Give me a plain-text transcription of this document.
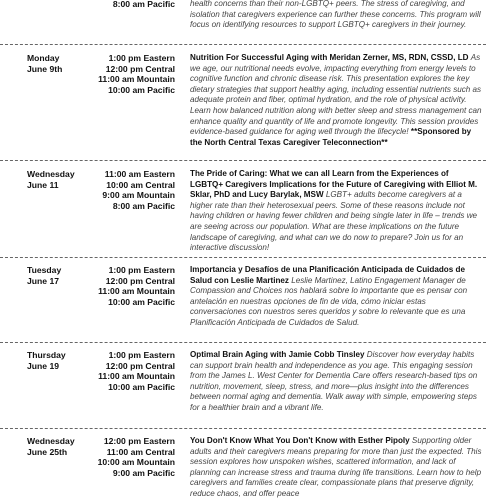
8:00 am Pacific health concerns than their non-LGBTQ+ peers. The stress of caregiving, and isolation that caregivers experience can further these concerns. This program will focus on identifying resources to support LGBTQ+ caregivers in their journey.
Monday
June 9th
1:00 pm Eastern
12:00 pm Central
11:00 am Mountain
10:00 am Pacific
Nutrition For Successful Aging with Meridan Zerner, MS, RDN, CSSD, LD As we age, our nutritional needs evolve, impacting everything from energy levels to cognitive function and chronic disease risk. This presentation explores the key dietary strategies that support healthy aging, including essential nutrients such as adequate protein and fiber, optimal hydration, and the role of physical activity. Learn how balanced nutrition along with better sleep and stress management can enhance quality and quantity of life and promote longevity. This session provides evidence-based guidance for aging well through the lifecycle! **Sponsored by the North Central Texas Caregiver Teleconnection**
Wednesday
June 11
11:00 am Eastern
10:00 am Central
9:00 am Mountain
8:00 am Pacific
The Pride of Caring: What we can all Learn from the Experiences of LGBTQ+ Caregivers Implications for the Future of Caregiving with Elliot M. Sklar, PhD and Lucy Barylak, MSW LGBT+ adults become caregivers at a higher rate than their heterosexual peers. Some of these reasons include not having children or having fewer children and being single later in life – trends we are seeing across our population. What are these implications on the future landscape of caregiving, and what can we do now to prepare? Join us for an interactive discussion!
Tuesday
June 17
1:00 pm Eastern
12:00 pm Central
11:00 am Mountain
10:00 am Pacific
Importancia y Desafíos de una Planificación Anticipada de Cuidados de Salud con Leslie Martinez Leslie Martinez, Latino Engagement Manager de Compassion and Choices nos hablará sobre lo importante que es pensar con antelación en nuestras opciones de fin de vida, cómo iniciar estas conversaciones con nuestros seres queridos y sobre lo relevante que es una Planificación Anticipada de Cuidados de Salud.
Thursday
June 19
1:00 pm Eastern
12:00 pm Central
11:00 am Mountain
10:00 am Pacific
Optimal Brain Aging with Jamie Cobb Tinsley Discover how everyday habits can support brain health and independence as you age. This engaging session from the James L. West Center for Dementia Care offers research-based tips on nutrition, movement, sleep, stress, and more—plus insight into the differences between normal aging and dementia. Walk away with simple, empowering steps for a healthier brain and a vibrant life.
Wednesday
June 25th
12:00 pm Eastern
11:00 am Central
10:00 am Mountain
9:00 am Pacific
You Don't Know What You Don't Know with Esther Pipoly Supporting older adults and their caregivers means preparing for more than just the expected. This session explores how unspoken wishes, scattered information, and lack of planning can increase stress and trauma during life transitions. Learn how to help caregivers and families create clear, compassionate plans that preserve dignity, reduce chaos, and offer peace
